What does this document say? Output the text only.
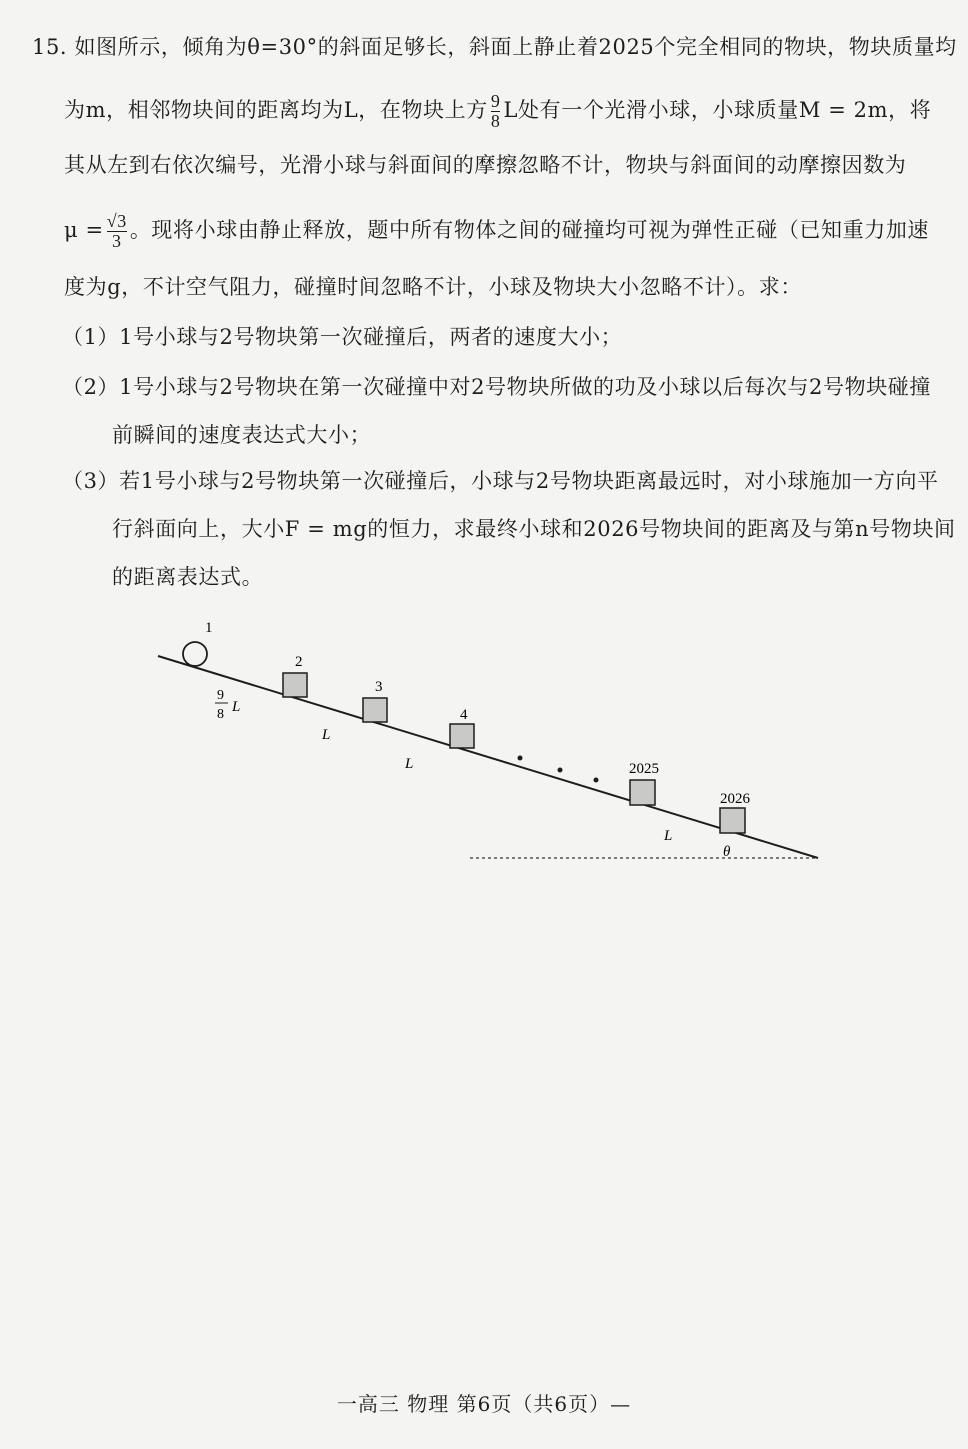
15. 如图所示，倾角为θ=30°的斜面足够长，斜面上静止着2025个完全相同的物块，物块质量均
为m，相邻物块间的距离均为L，在物块上方 $\frac{9}{8}$ L处有一个光滑小球，小球质量M = 2m，将
其从左到右依次编号，光滑小球与斜面间的摩擦忽略不计，物块与斜面间的动摩擦因数为
$\mu = \frac{√3}{3}$ 。现将小球由静止释放，题中所有物体之间的碰撞均可视为弹性正碰（已知重力加速
度为g，不计空气阻力，碰撞时间忽略不计，小球及物块大小忽略不计）。求：
（1）1号小球与2号物块第一次碰撞后，两者的速度大小；
（2）1号小球与2号物块在第一次碰撞中对2号物块所做的功及小球以后每次与2号物块碰撞
前瞬间的速度表达式大小；
（3）若1号小球与2号物块第一次碰撞后，小球与2号物块距离最远时，对小球施加一方向平
行斜面向上，大小F = mg的恒力，求最终小球和2026号物块间的距离及与第n号物块间
的距离表达式。
1
2
3
4
2025
2026
9
8 L
L
L
L
θ
一高三 物理 第6页（共6页）—
